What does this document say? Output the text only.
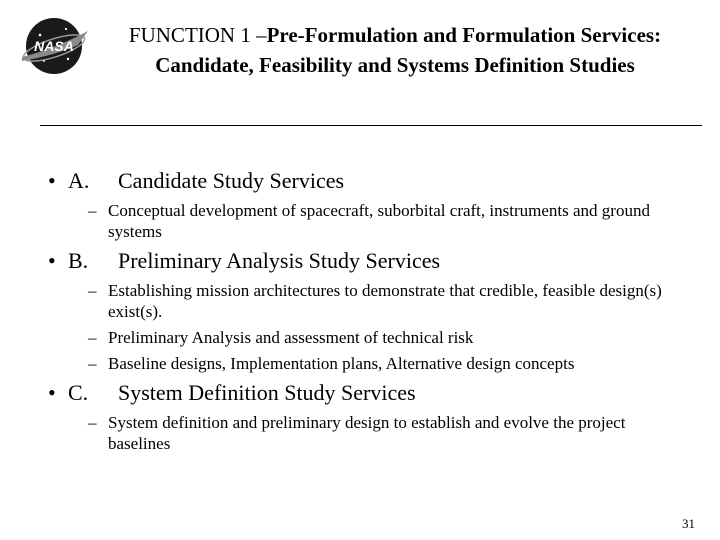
NASA	FUNCTION 1 –Pre-Formulation and Formulation Services: Candidate, Feasibility and Systems Definition Studies
• A. Candidate Study Services
– Conceptual development of spacecraft, suborbital craft, instruments and ground systems
• B. Preliminary Analysis Study Services
– Establishing mission architectures to demonstrate that credible, feasible design(s) exist(s).
– Preliminary Analysis and assessment of technical risk
– Baseline designs, Implementation plans, Alternative design concepts
• C. System Definition Study Services
– System definition and preliminary design to establish and evolve the project baselines
31
